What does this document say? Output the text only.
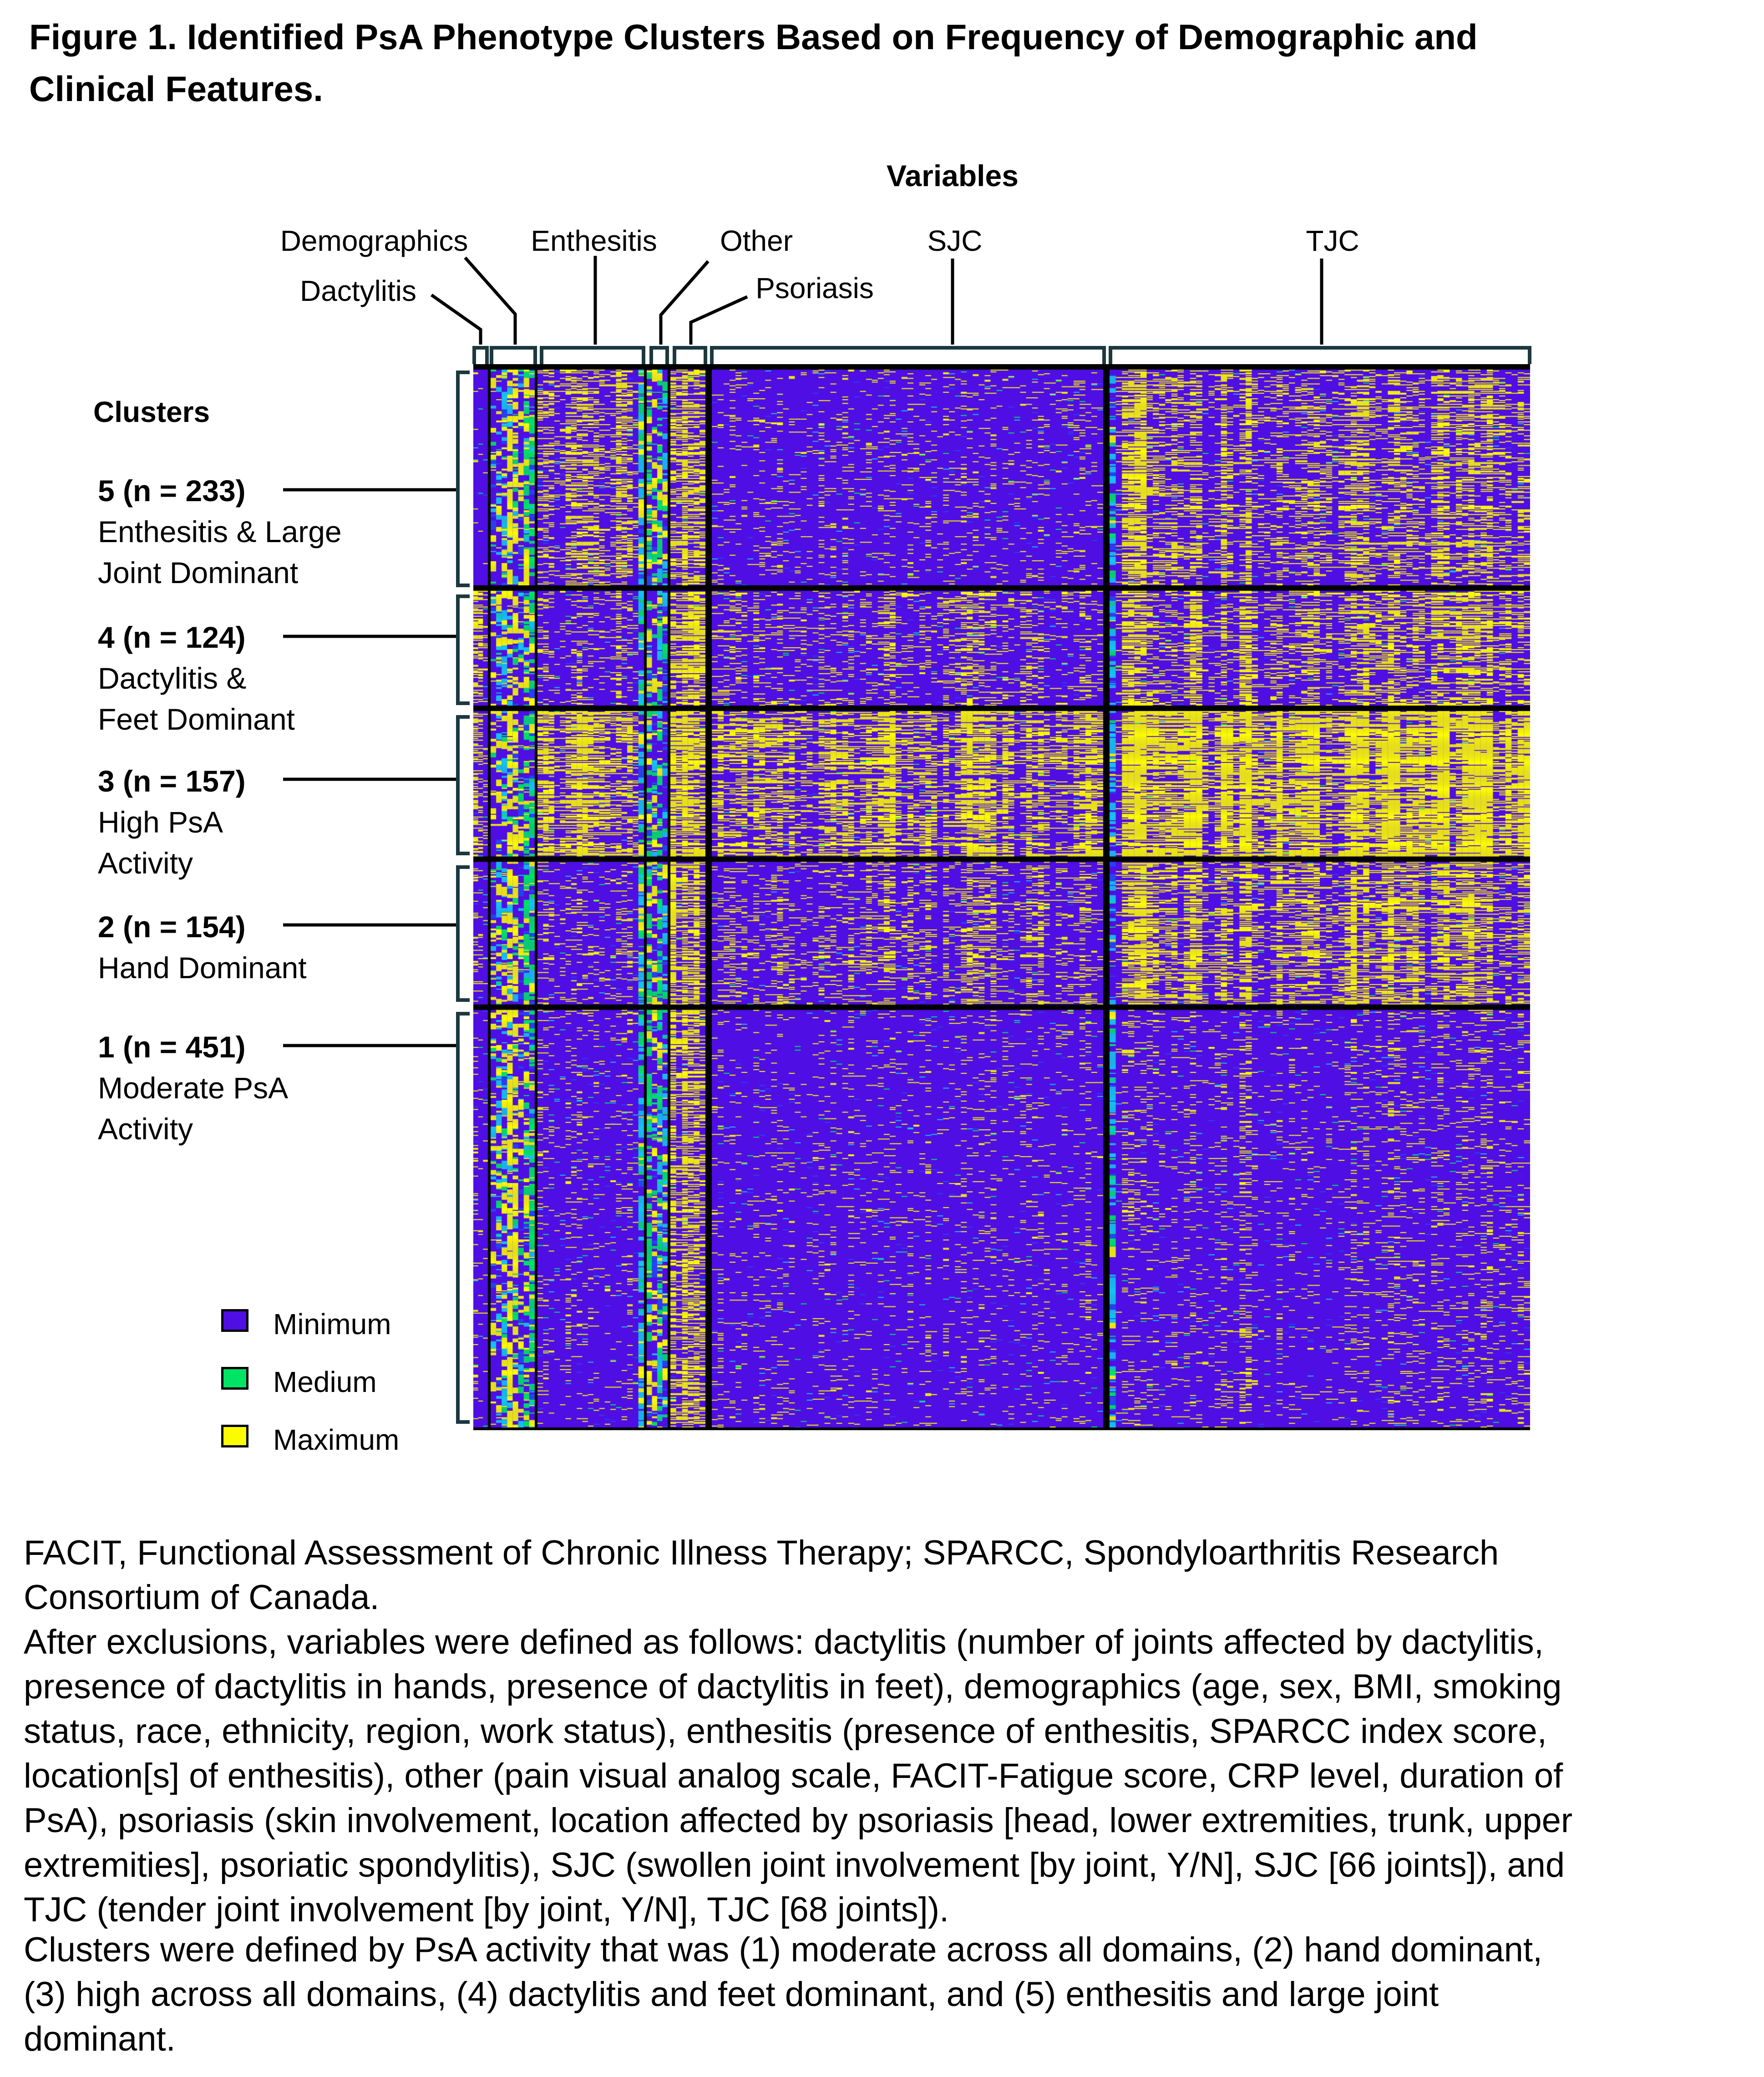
Figure 1. Identified PsA Phenotype Clusters Based on Frequency of Demographic and
Clinical Features.
Variables
Demographics Enthesitis Other	SJC	TJC
Dactylitis	Psoriasis
Clusters
5 (n = 233)
Enthesitis & Large
Joint Dominant
4 (n = 124)
Dactylitis &
Feet Dominant
3 (n = 157)
High PsA
Activity
2 (n = 154)
Hand Dominant
1 (n = 451)
Moderate PsA
Activity
Minimum
Medium
Maximum
FACIT, Functional Assessment of Chronic Illness Therapy; SPARCC, Spondyloarthritis Research
Consortium of Canada.
After exclusions, variables were defined as follows: dactylitis (number of joints affected by dactylitis,
presence of dactylitis in hands, presence of dactylitis in feet), demographics (age, sex, BMI, smoking
status, race, ethnicity, region, work status), enthesitis (presence of enthesitis, SPARCC index score,
location[s] of enthesitis), other (pain visual analog scale, FACIT-Fatigue score, CRP level, duration of
PsA), psoriasis (skin involvement, location affected by psoriasis [head, lower extremities, trunk, upper
extremities], psoriatic spondylitis), SJC (swollen joint involvement [by joint, Y/N], SJC [66 joints]), and
TJC (tender joint involvement [by joint, Y/N], TJC [68 joints]).
Clusters were defined by PsA activity that was (1) moderate across all domains, (2) hand dominant,
(3) high across all domains, (4) dactylitis and feet dominant, and (5) enthesitis and large joint
dominant.
